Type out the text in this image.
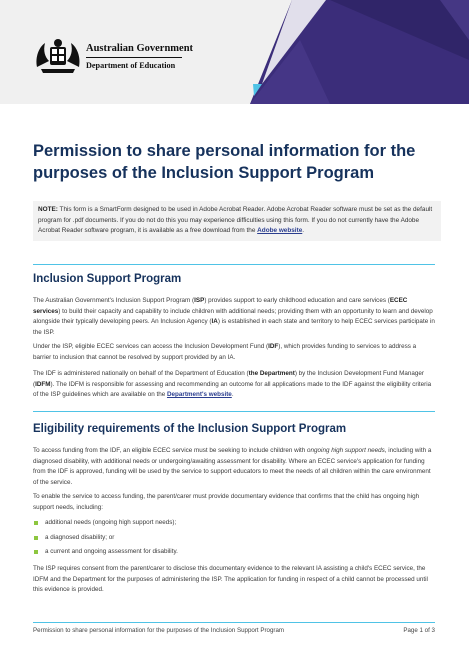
Australian Government
Department of Education
Permission to share personal information for the purposes of the Inclusion Support Program
NOTE: This form is a SmartForm designed to be used in Adobe Acrobat Reader. Adobe Acrobat Reader software must be set as the default program for .pdf documents. If you do not do this you may experience difficulties using this form. If you do not currently have the Adobe Acrobat Reader software program, it is available as a free download from the Adobe website.
Inclusion Support Program

The Australian Government's Inclusion Support Program (ISP) provides support to early childhood education and care services (ECEC services) to build their capacity and capability to include children with additional needs; providing them with an opportunity to learn and develop alongside their typically developing peers. An Inclusion Agency (IA) is established in each state and territory to help ECEC services participate in the ISP.

Under the ISP, eligible ECEC services can access the Inclusion Development Fund (IDF), which provides funding to services to address a barrier to inclusion that cannot be resolved by support provided by an IA.

The IDF is administered nationally on behalf of the Department of Education (the Department) by the Inclusion Development Fund Manager (IDFM). The IDFM is responsible for assessing and recommending an outcome for all applications made to the IDF against the eligibility criteria of the ISP guidelines which are available on the Department's website.

Eligibility requirements of the Inclusion Support Program

To access funding from the IDF, an eligible ECEC service must be seeking to include children with ongoing high support needs, including with a diagnosed disability, with additional needs or undergoing/awaiting assessment for disability. Where an ECEC service's application for funding from the IDF is approved, funding will be used by the service to support educators to meet the needs of all children within the care environment of the service.

To enable the service to access funding, the parent/carer must provide documentary evidence that confirms that the child has ongoing high support needs, including:

additional needs (ongoing high support needs);
a diagnosed disability; or
a current and ongoing assessment for disability.

The ISP requires consent from the parent/carer to disclose this documentary evidence to the relevant IA assisting a child's ECEC service, the IDFM and the Department for the purposes of administering the ISP. The application for funding in respect of a child cannot be processed until this evidence is provided.

Permission to share personal information for the purposes of the Inclusion Support Program	Page 1 of 3
